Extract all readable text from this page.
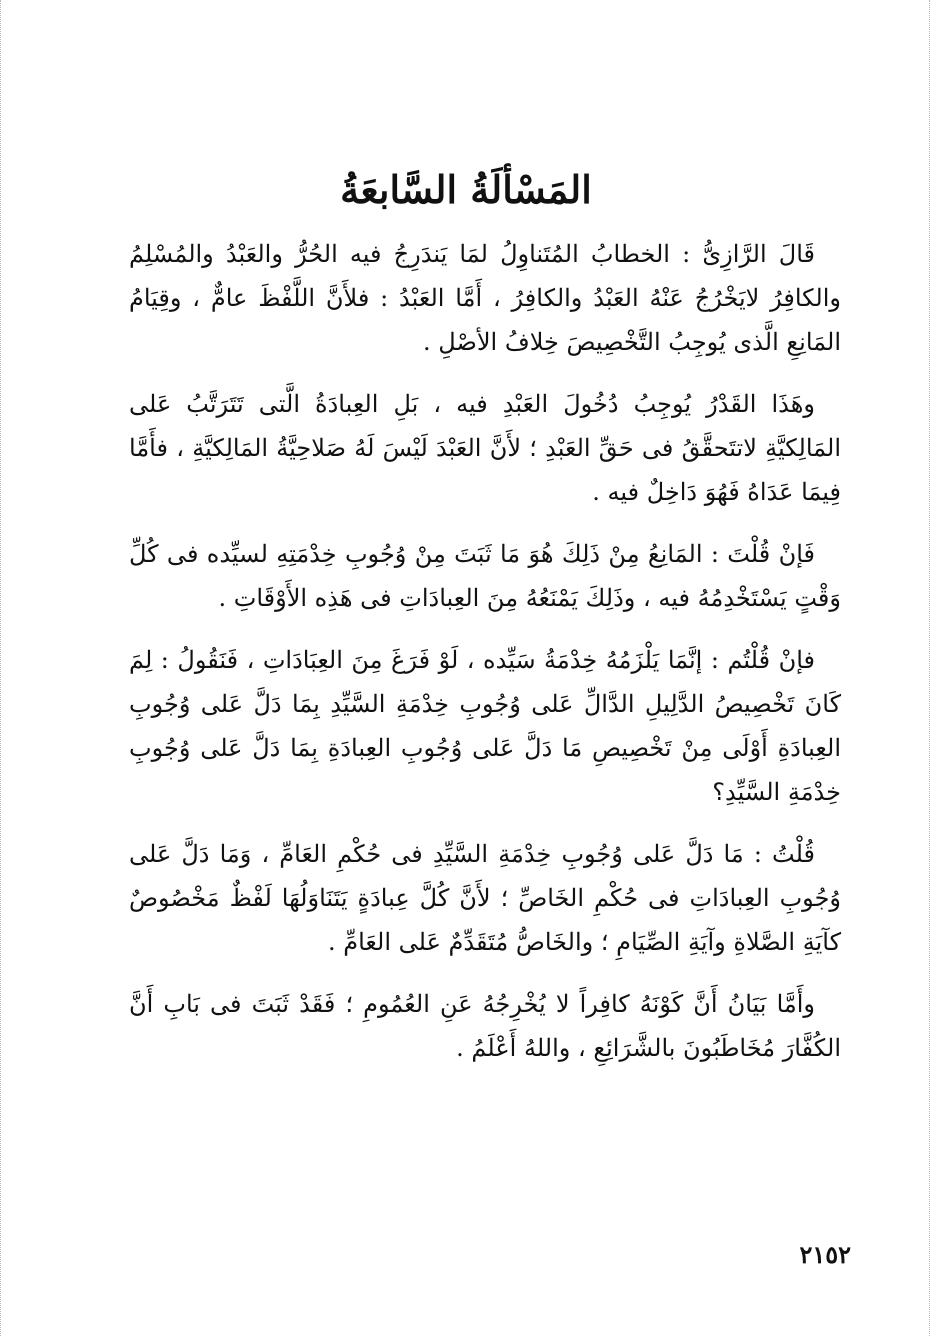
المَسْألَةُ السَّابعَةُ

قَالَ الرَّازِىُّ : الخطابُ المُتَناوِلُ لمَا يَندَرِجُ فيه الحُرُّ والعَبْدُ والمُسْلِمُ والكافِرُ لايَخْرُجُ عَنْهُ العَبْدُ والكافِرُ ، أَمَّا العَبْدُ : فلأَنَّ اللَّفْظَ عامٌّ ، وقِيَامُ المَانِعِ الَّذى يُوجِبُ التَّخْصِيصَ خِلافُ الأصْلِ .

وهَذَا القَدْرُ يُوجِبُ دُخُولَ العَبْدِ فيه ، بَلِ العِبادَةُ الَّتى تَتَرَتَّبُ عَلى المَالِكيَّةِ لاتتَحقَّقُ فى حَقِّ العَبْدِ ؛ لأَنَّ العَبْدَ لَيْسَ لَهُ صَلاحِيَّةُ المَالِكيَّةِ ، فأَمَّا فِيمَا عَدَاهُ فَهُوَ دَاخِلٌ فيه .

فَإنْ قُلْتَ : المَانِعُ مِنْ ذَلِكَ هُوَ مَا ثَبَتَ مِنْ وُجُوبِ خِدْمَتِهِ لسيِّده فى كُلِّ وَقْتٍ يَسْتَخْدِمُهُ فيه ، وذَلِكَ يَمْنَعُهُ مِنَ العِبادَاتِ فى هَذِه الأَوْقَاتِ .

فإنْ قُلْتُم : إنَّمَا يَلْزَمُهُ خِدْمَةُ سَيِّده ، لَوْ فَرَغَ مِنَ العِبَادَاتِ ، فَنَقُولُ : لِمَ كَانَ تَخْصِيصُ الدَّلِيلِ الدَّالِّ عَلى وُجُوبِ خِدْمَةِ السَّيِّدِ بِمَا دَلَّ عَلى وُجُوبِ العِبادَةِ أَوْلَى مِنْ تَخْصِيصِ مَا دَلَّ عَلى وُجُوبِ العِبادَةِ بِمَا دَلَّ عَلى وُجُوبِ خِدْمَةِ السَّيِّدِ؟

قُلْتُ : مَا دَلَّ عَلى وُجُوبِ خِدْمَةِ السَّيِّدِ فى حُكْمِ العَامِّ ، وَمَا دَلَّ عَلى وُجُوبِ العِبادَاتِ فى حُكْمِ الخَاصِّ ؛ لأَنَّ كُلَّ عِبادَةٍ يَتَنَاوَلُهَا لَفْظٌ مَخْصُوصٌ كآيَةِ الصَّلاةِ وآيَةِ الصِّيَامِ ؛ والخَاصُّ مُتَقَدِّمٌ عَلى العَامِّ .

وأَمَّا بَيَانُ أَنَّ كَوْنَهُ كافِراً لا يُخْرِجُهُ عَنِ العُمُومِ ؛ فَقَدْ ثَبَتَ فى بَابِ أَنَّ الكُفَّارَ مُخَاطَبُونَ بالشَّرَائِعِ ، واللهُ أَعْلَمُ .

٢١٥٢
